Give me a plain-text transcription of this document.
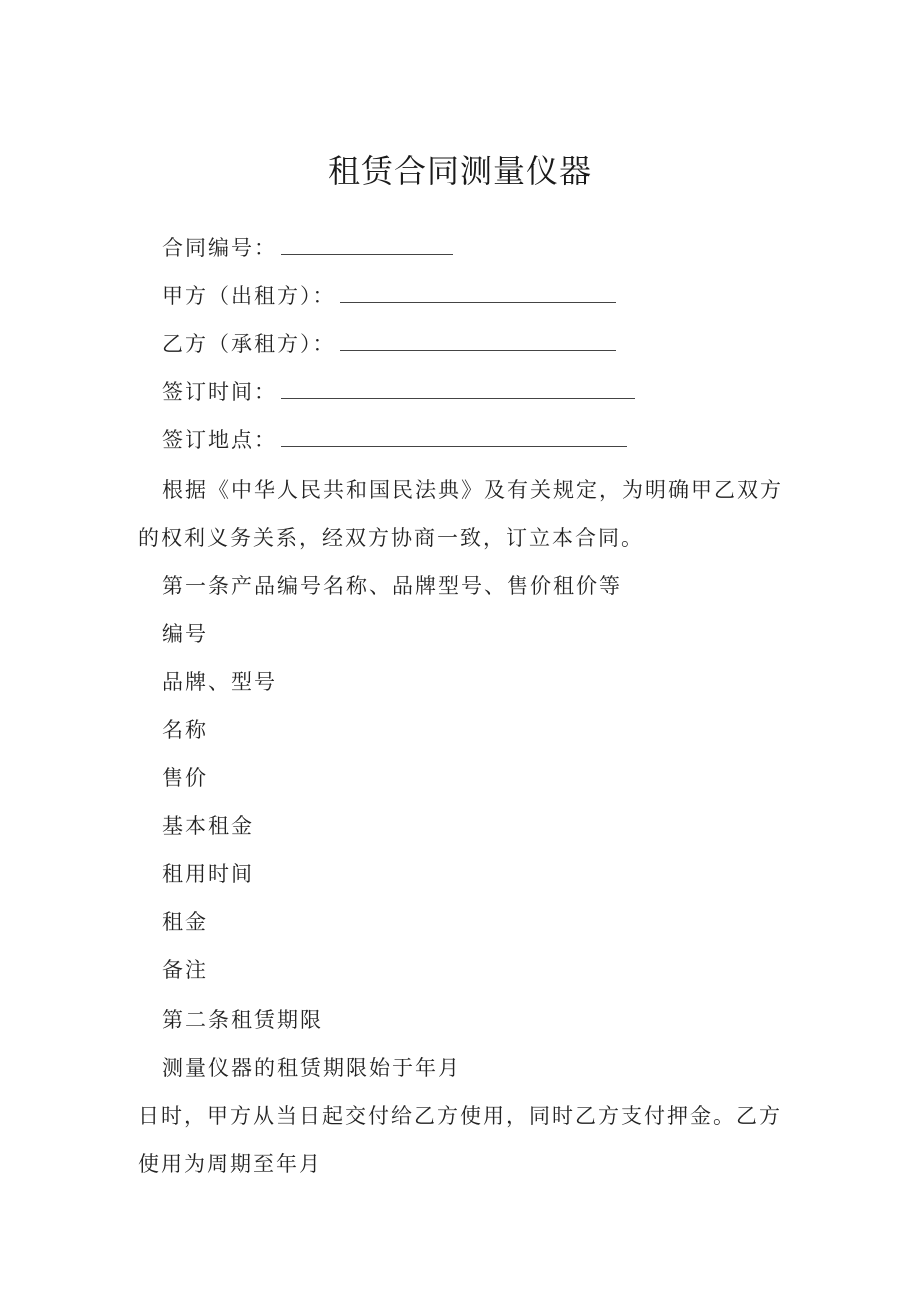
租赁合同测量仪器
合同编号：
甲方（出租方）：
乙方（承租方）：
签订时间：
签订地点：
根据《中华人民共和国民法典》及有关规定，为明确甲乙双方
的权利义务关系，经双方协商一致，订立本合同。
第一条产品编号名称、品牌型号、售价租价等
编号
品牌、型号
名称
售价
基本租金
租用时间
租金
备注
第二条租赁期限
测量仪器的租赁期限始于年月
日时，甲方从当日起交付给乙方使用，同时乙方支付押金。乙方
使用为周期至年月
